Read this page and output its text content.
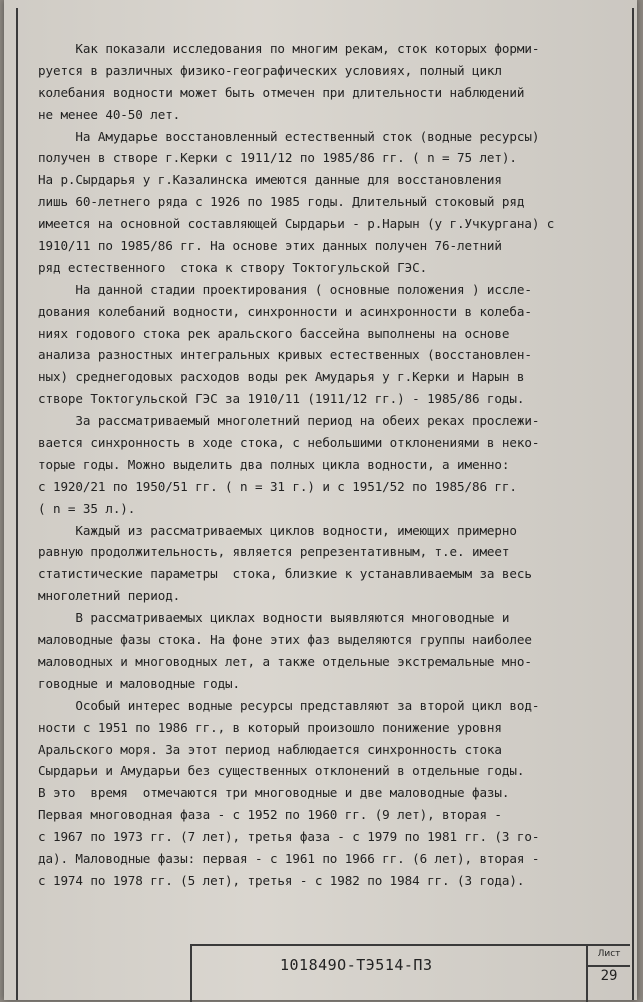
Как показали исследования по многим рекам, сток которых форми-
руется в различных физико-географических условиях, полный цикл
колебания водности может быть отмечен при длительности наблюдений
не менее 40-50 лет.
На Амударье восстановленный естественный сток (водные ресурсы)
получен в створе г.Керки с 1911/12 по 1985/86 гг. ( n = 75 лет).
На р.Сырдарья у г.Казалинска имеются данные для восстановления
лишь 60-летнего ряда с 1926 по 1985 годы. Длительный стоковый ряд
имеется на основной составляющей Сырдарьи - р.Нарын (у г.Учкургана) с
1910/11 по 1985/86 гг. На основе этих данных получен 76-летний
ряд естественного  стока к створу Токтогульской ГЭС.
На данной стадии проектирования ( основные положения ) иссле-
дования колебаний водности, синхронности и асинхронности в колеба-
ниях годового стока рек аральского бассейна выполнены на основе
анализа разностных интегральных кривых естественных (восстановлен-
ных) среднегодовых расходов воды рек Амударья у г.Керки и Нарын в
створе Токтогульской ГЭС за 1910/11 (1911/12 гг.) - 1985/86 годы.
За рассматриваемый многолетний период на обеих реках прослежи-
вается синхронность в ходе стока, с небольшими отклонениями в неко-
торые годы. Можно выделить два полных цикла водности, а именно:
с 1920/21 по 1950/51 гг. ( n = 31 г.) и с 1951/52 по 1985/86 гг.
( n = 35 л.).
Каждый из рассматриваемых циклов водности, имеющих примерно
равную продолжительность, является репрезентативным, т.е. имеет
статистические параметры  стока, близкие к устанавливаемым за весь
многолетний период.
В рассматриваемых циклах водности выявляются многоводные и
маловодные фазы стока. На фоне этих фаз выделяются группы наиболее
маловодных и многоводных лет, а также отдельные экстремальные мно-
говодные и маловодные годы.
Особый интерес водные ресурсы представляют за второй цикл вод-
ности с 1951 по 1986 гг., в который произошло понижение уровня
Аральского моря. За этот период наблюдается синхронность стока
Сырдарьи и Амударьи без существенных отклонений в отдельные годы.
В это  время  отмечаются три многоводные и две маловодные фазы.
Первая многоводная фаза - с 1952 по 1960 гг. (9 лет), вторая -
с 1967 по 1973 гг. (7 лет), третья фаза - с 1979 по 1981 гг. (3 го-
да). Маловодные фазы: первая - с 1961 по 1966 гг. (6 лет), вторая -
с 1974 по 1978 гг. (5 лет), третья - с 1982 по 1984 гг. (3 года).
101849О-ТЭ514-ПЗ
Лист
29
